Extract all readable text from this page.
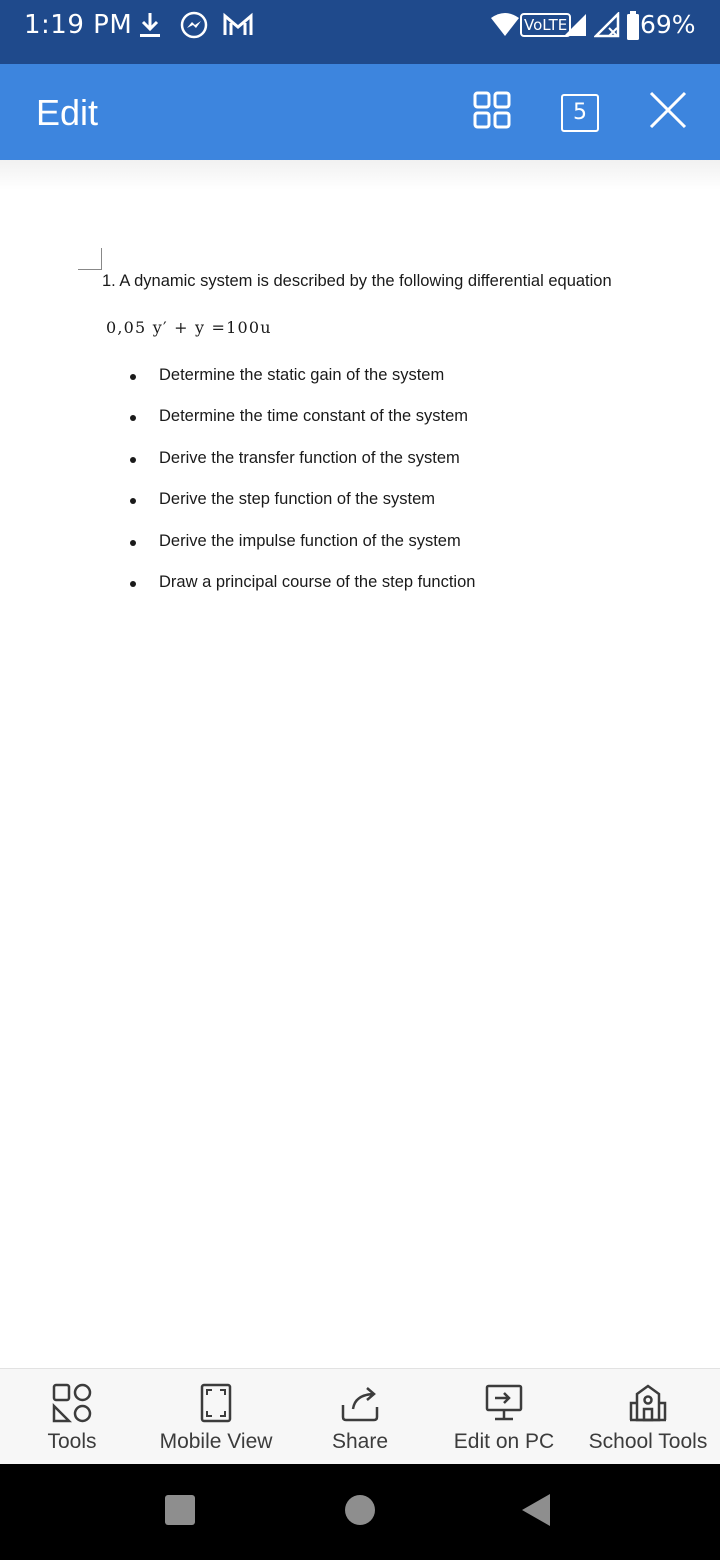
1:19 PM	VoLTE	69%
Edit	5
1. A dynamic system is described by the following differential equation
0,05 y′ + y =100u
Determine the static gain of the system
Determine the time constant of the system
Derive the transfer function of the system
Derive the step function of the system
Derive the impulse function of the system
Draw a principal course of the step function
Tools	Mobile View	Share	Edit on PC School Tools
